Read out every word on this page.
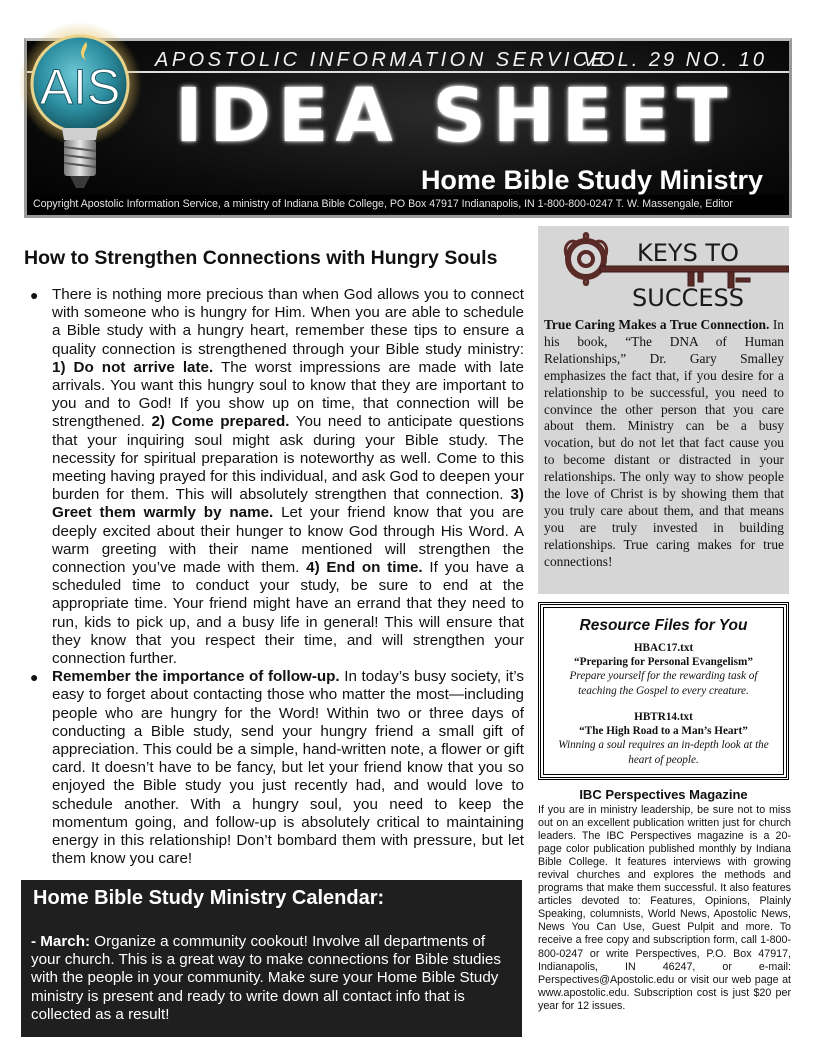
APOSTOLIC INFORMATION SERVICE
VOL. 29 NO. 10
IDEA SHEET
Home Bible Study Ministry
Copyright Apostolic Information Service, a ministry of Indiana Bible College, PO Box 47917 Indianapolis, IN 1-800-800-0247 T. W. Massengale, Editor
AIS
How to Strengthen Connections with Hungry Souls
● There is nothing more precious than when God allows you to connect with someone who is hungry for Him. When you are able to schedule a Bible study with a hungry heart, remember these tips to ensure a quality connection is strengthened through your Bible study ministry: 1) Do not arrive late. The worst impressions are made with late arrivals. You want this hungry soul to know that they are important to you and to God! If you show up on time, that connection will be strengthened. 2) Come prepared. You need to anticipate questions that your inquiring soul might ask during your Bible study. The necessity for spiritual preparation is noteworthy as well. Come to this meeting having prayed for this individual, and ask God to deepen your burden for them. This will absolutely strengthen that connection. 3) Greet them warmly by name. Let your friend know that you are deeply excited about their hunger to know God through His Word. A warm greeting with their name mentioned will strengthen the connection you’ve made with them. 4) End on time. If you have a scheduled time to conduct your study, be sure to end at the appropriate time. Your friend might have an errand that they need to run, kids to pick up, and a busy life in general! This will ensure that they know that you respect their time, and will strengthen your connection further.
● Remember the importance of follow-up. In today’s busy society, it’s easy to forget about contacting those who matter the most—including people who are hungry for the Word! Within two or three days of conducting a Bible study, send your hungry friend a small gift of appreciation. This could be a simple, hand-written note, a flower or gift card. It doesn’t have to be fancy, but let your friend know that you so enjoyed the Bible study you just recently had, and would love to schedule another. With a hungry soul, you need to keep the momentum going, and follow-up is absolutely critical to maintaining energy in this relationship! Don’t bombard them with pressure, but let them know you care!
Home Bible Study Ministry Calendar:
- March: Organize a community cookout! Involve all departments of your church. This is a great way to make connections for Bible studies with the people in your community. Make sure your Home Bible Study ministry is present and ready to write down all contact info that is collected as a result!
KEYS TO
SUCCESS
True Caring Makes a True Connection. In his book, “The DNA of Human Relationships,” Dr. Gary Smalley emphasizes the fact that, if you desire for a relationship to be successful, you need to convince the other person that you care about them. Ministry can be a busy vocation, but do not let that fact cause you to become distant or distracted in your relationships. The only way to show people the love of Christ is by showing them that you truly care about them, and that means you are truly invested in building relationships. True caring makes for true connections!
Resource Files for You
HBAC17.txt
“Preparing for Personal Evangelism”
Prepare yourself for the rewarding task of teaching the Gospel to every creature.
HBTR14.txt
“The High Road to a Man’s Heart”
Winning a soul requires an in-depth look at the heart of people.
IBC Perspectives Magazine
If you are in ministry leadership, be sure not to miss out on an excellent publication written just for church leaders. The IBC Perspectives magazine is a 20-page color publication published monthly by Indiana Bible College. It features interviews with growing revival churches and explores the methods and programs that make them successful. It also features articles devoted to: Features, Opinions, Plainly Speaking, columnists, World News, Apostolic News, News You Can Use, Guest Pulpit and more. To receive a free copy and subscription form, call 1-800- 800-0247 or write Perspectives, P.O. Box 47917, Indianapolis, IN 46247, or e-mail: Perspectives@Apostolic.edu or visit our web page at www.apostolic.edu. Subscription cost is just $20 per year for 12 issues.
